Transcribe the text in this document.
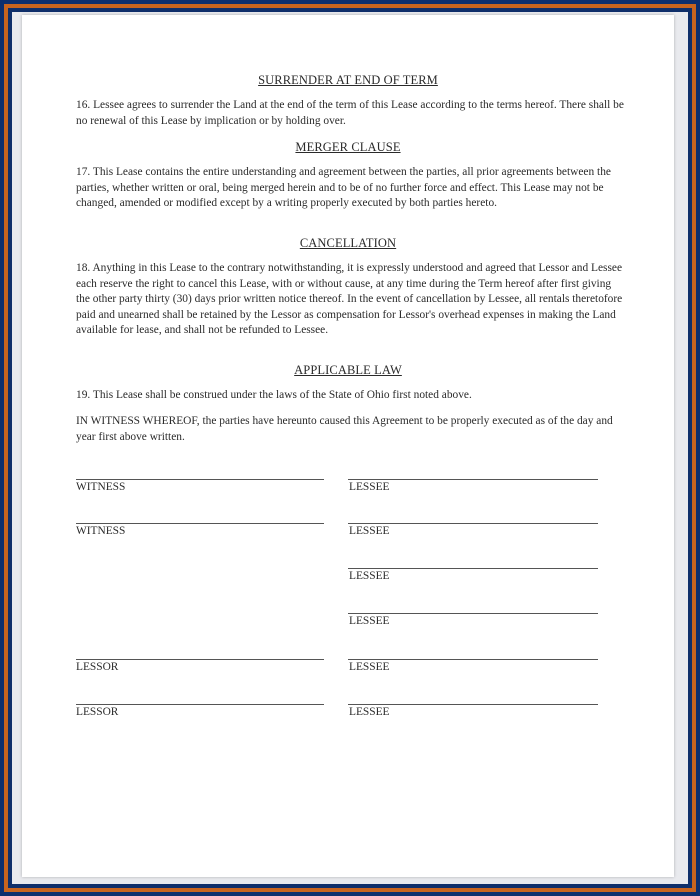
SURRENDER AT END OF TERM
16. Lessee agrees to surrender the Land at the end of the term of this Lease according to the terms hereof. There shall be no renewal of this Lease by implication or by holding over.
MERGER CLAUSE
17. This Lease contains the entire understanding and agreement between the parties, all prior agreements between the parties, whether written or oral, being merged herein and to be of no further force and effect. This Lease may not be changed, amended or modified except by a writing properly executed by both parties hereto.
CANCELLATION
18. Anything in this Lease to the contrary notwithstanding, it is expressly understood and agreed that Lessor and Lessee each reserve the right to cancel this Lease, with or without cause, at any time during the Term hereof after first giving the other party thirty (30) days prior written notice thereof. In the event of cancellation by Lessee, all rentals theretofore paid and unearned shall be retained by the Lessor as compensation for Lessor's overhead expenses in making the Land available for lease, and shall not be refunded to Lessee.
APPLICABLE LAW
19. This Lease shall be construed under the laws of the State of Ohio first noted above.
IN WITNESS WHEREOF, the parties have hereunto caused this Agreement to be properly executed as of the day and year first above written.
WITNESS
WITNESS
LESSOR
LESSOR
LESSEE
LESSEE
LESSEE
LESSEE
LESSEE
LESSEE
